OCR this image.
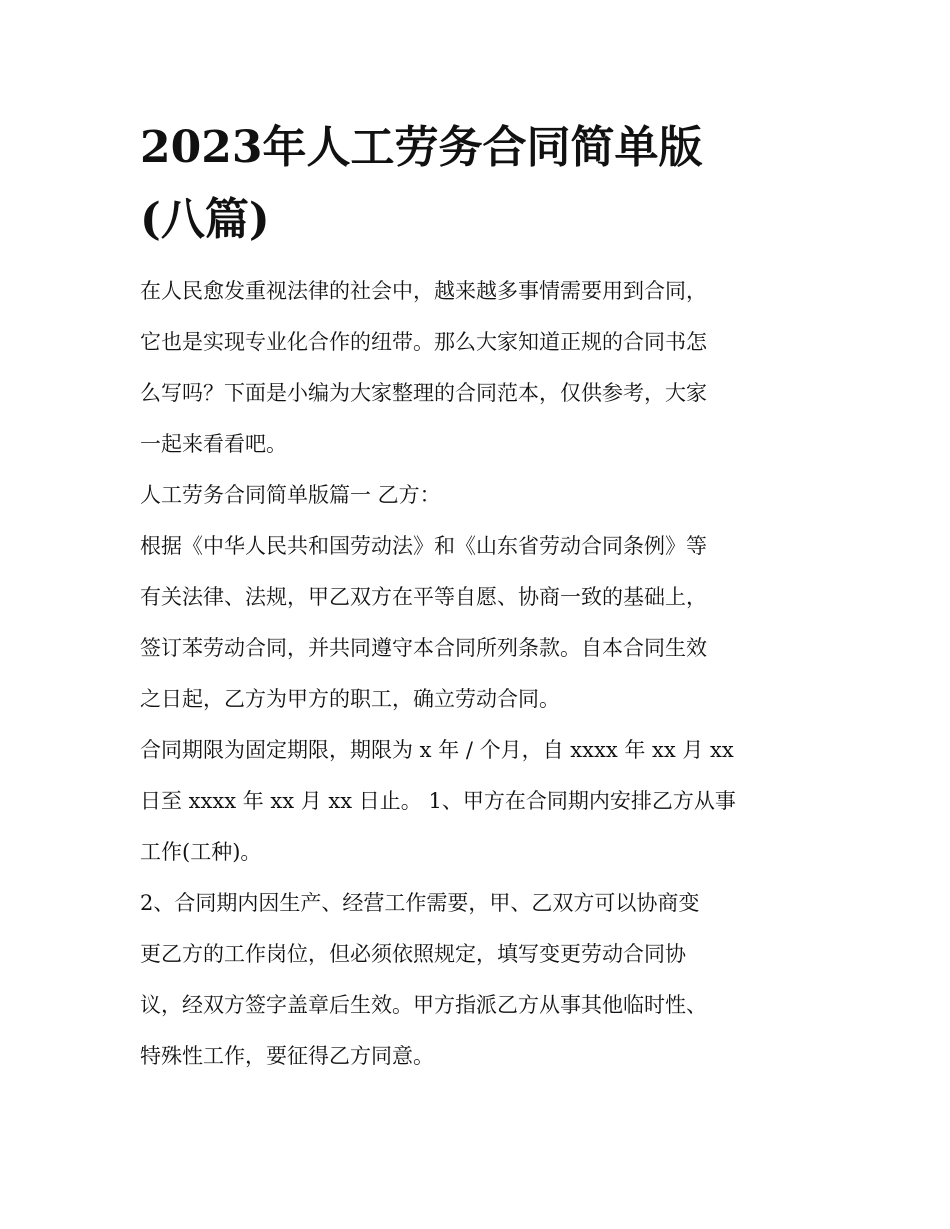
2023年人工劳务合同简单版
(八篇)

在人民愈发重视法律的社会中，越来越多事情需要用到合同，
它也是实现专业化合作的纽带。那么大家知道正规的合同书怎
么写吗？下面是小编为大家整理的合同范本，仅供参考，大家
一起来看看吧。

人工劳务合同简单版篇一 乙方：

根据《中华人民共和国劳动法》和《山东省劳动合同条例》等
有关法律、法规，甲乙双方在平等自愿、协商一致的基础上，
签订苯劳动合同，并共同遵守本合同所列条款。自本合同生效
之日起，乙方为甲方的职工，确立劳动合同。

合同期限为固定期限，期限为 x 年 / 个月，自 xxxx 年 xx 月 xx
日至 xxxx 年 xx 月 xx 日止。 1、甲方在合同期内安排乙方从事
工作(工种)。

2、合同期内因生产、经营工作需要，甲、乙双方可以协商变
更乙方的工作岗位，但必须依照规定，填写变更劳动合同协
议，经双方签字盖章后生效。甲方指派乙方从事其他临时性、
特殊性工作，要征得乙方同意。
